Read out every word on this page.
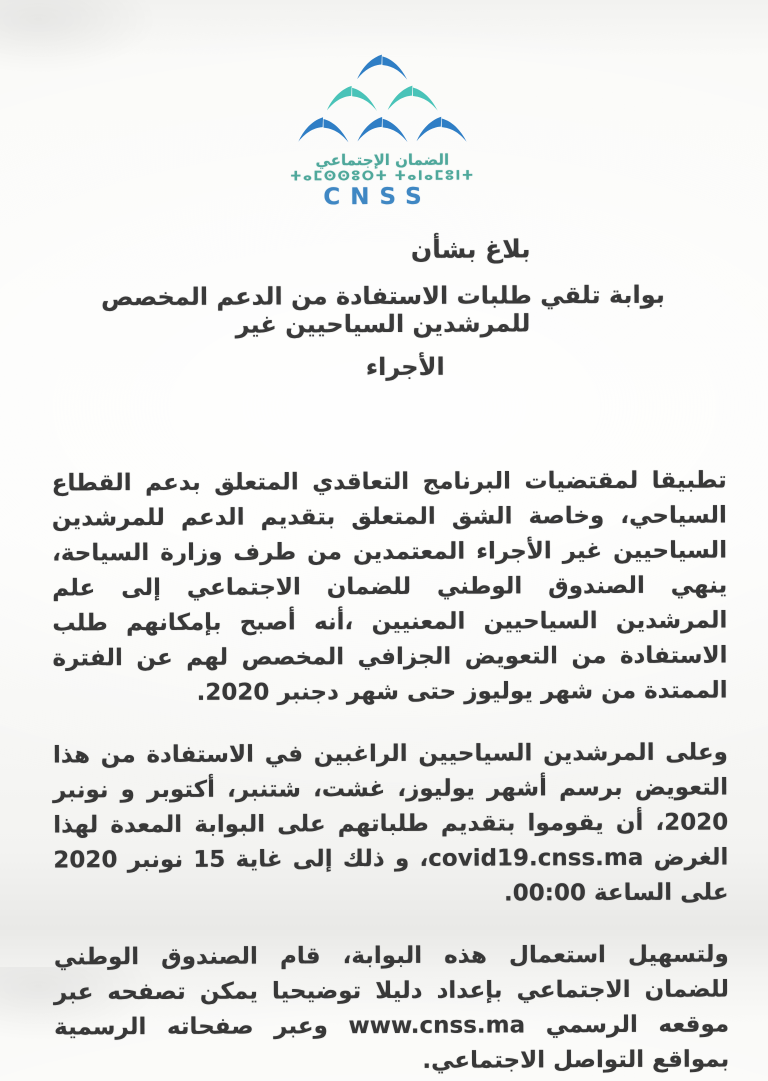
الضمان الإجتماعي
ⵜⴰⵎⵙⵙⵓⵔⵜ ⵜⴰⵏⴰⵎⵓⵏⵜ
CNSS
بلاغ بشأن
بوابة تلقي طلبات الاستفادة من الدعم المخصص للمرشدين السياحيين غير
الأجراء

تطبيقا لمقتضيات البرنامج التعاقدي المتعلق بدعم القطاع السياحي، وخاصة الشق المتعلق بتقديم الدعم للمرشدين السياحيين غير الأجراء المعتمدين من طرف وزارة السياحة، ينهي الصندوق الوطني للضمان الاجتماعي إلى علم المرشدين السياحيين المعنيين ،أنه أصبح بإمكانهم طلب الاستفادة من التعويض الجزافي المخصص لهم عن الفترة الممتدة من شهر يوليوز حتى شهر دجنبر 2020.

وعلى المرشدين السياحيين الراغبين في الاستفادة من هذا التعويض برسم أشهر يوليوز، غشت، شتنبر، أكتوبر و نونبر 2020، أن يقوموا بتقديم طلباتهم على البوابة المعدة لهذا الغرض covid19.cnss.ma، و ذلك إلى غاية 15 نونبر 2020 على الساعة 00:00.

ولتسهيل استعمال هذه البوابة، قام الصندوق الوطني للضمان الاجتماعي بإعداد دليلا توضيحيا يمكن تصفحه عبر موقعه الرسمي www.cnss.ma وعبر صفحاته الرسمية بمواقع التواصل الاجتماعي.
